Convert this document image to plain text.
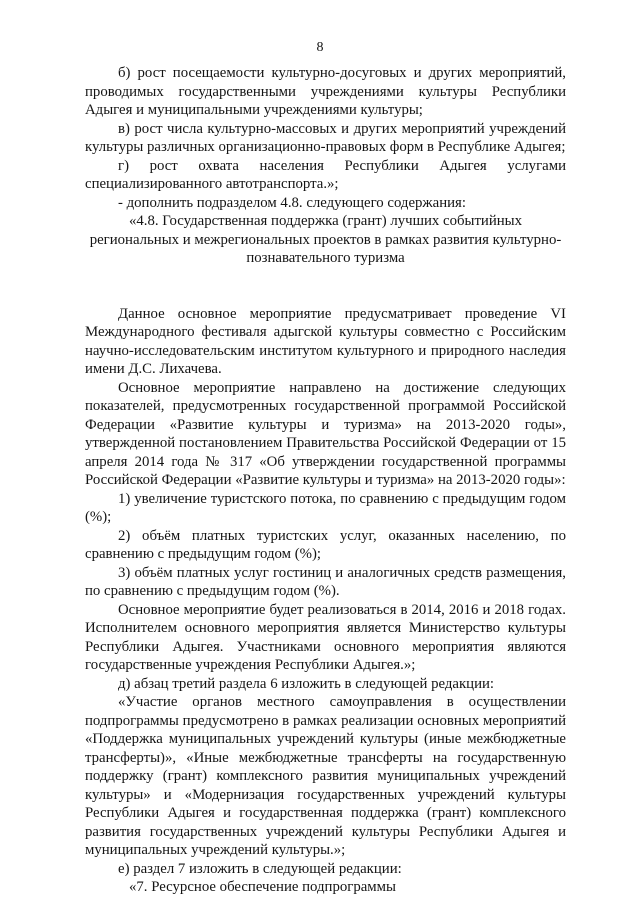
8

б) рост посещаемости культурно-досуговых и других мероприятий, проводимых государственными учреждениями культуры Республики Адыгея и муниципальными учреждениями культуры;

в) рост числа культурно-массовых и других мероприятий учреждений культуры различных организационно-правовых форм в Республике Адыгея;

г) рост охвата населения Республики Адыгея услугами специализированного автотранспорта.»;

- дополнить подразделом 4.8. следующего содержания:

«4.8. Государственная поддержка (грант) лучших событийных региональных и межрегиональных проектов в рамках развития культурно-познавательного туризма

Данное основное мероприятие предусматривает проведение VI Международного фестиваля адыгской культуры совместно с Российским научно-исследовательским институтом культурного и природного наследия имени Д.С. Лихачева.

Основное мероприятие направлено на достижение следующих показателей, предусмотренных государственной программой Российской Федерации «Развитие культуры и туризма» на 2013-2020 годы», утвержденной постановлением Правительства Российской Федерации от 15 апреля 2014 года № 317 «Об утверждении государственной программы Российской Федерации «Развитие культуры и туризма» на 2013-2020 годы»:

1) увеличение туристского потока, по сравнению с предыдущим годом (%);

2) объём платных туристских услуг, оказанных населению, по сравнению с предыдущим годом (%);

3) объём платных услуг гостиниц и аналогичных средств размещения, по сравнению с предыдущим годом (%).

Основное мероприятие будет реализоваться в 2014, 2016 и 2018 годах. Исполнителем основного мероприятия является Министерство культуры Республики Адыгея. Участниками основного мероприятия являются государственные учреждения Республики Адыгея.»;

д) абзац третий раздела 6 изложить в следующей редакции:

«Участие органов местного самоуправления в осуществлении подпрограммы предусмотрено в рамках реализации основных мероприятий «Поддержка муниципальных учреждений культуры (иные межбюджетные трансферты)», «Иные межбюджетные трансферты на государственную поддержку (грант) комплексного развития муниципальных учреждений культуры» и «Модернизация государственных учреждений культуры Республики Адыгея и государственная поддержка (грант) комплексного развития государственных учреждений культуры Республики Адыгея и муниципальных учреждений культуры.»;

е) раздел 7 изложить в следующей редакции:

«7. Ресурсное обеспечение подпрограммы
